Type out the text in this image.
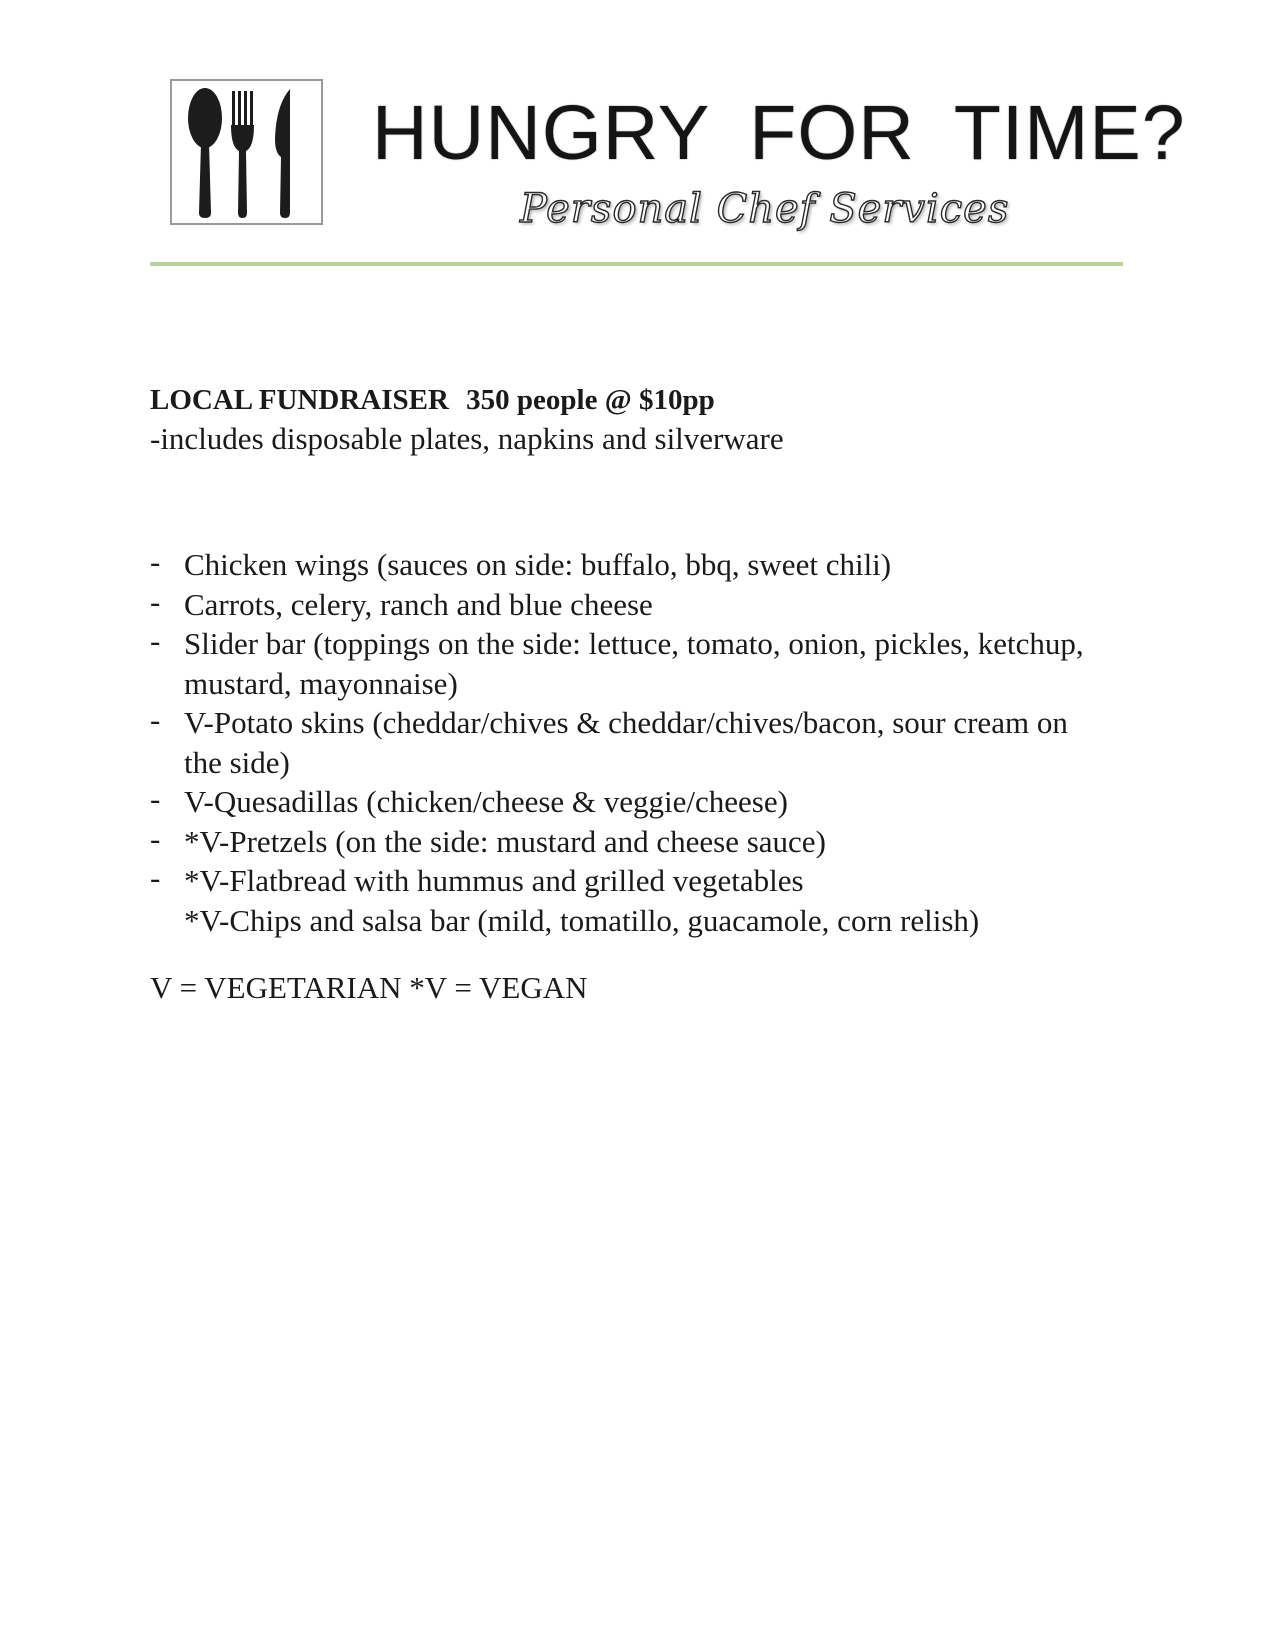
HUNGRY FOR TIME?
Personal Chef Services
LOCAL FUNDRAISER 350 people @ $10pp
-includes disposable plates, napkins and silverware
- Chicken wings (sauces on side: buffalo, bbq, sweet chili)
- Carrots, celery, ranch and blue cheese
- Slider bar (toppings on the side: lettuce, tomato, onion, pickles, ketchup, mustard, mayonnaise)
- V-Potato skins (cheddar/chives & cheddar/chives/bacon, sour cream on the side)
- V-Quesadillas (chicken/cheese & veggie/cheese)
- *V-Pretzels (on the side: mustard and cheese sauce)
- *V-Flatbread with hummus and grilled vegetables
*V-Chips and salsa bar (mild, tomatillo, guacamole, corn relish)
V = VEGETARIAN *V = VEGAN
